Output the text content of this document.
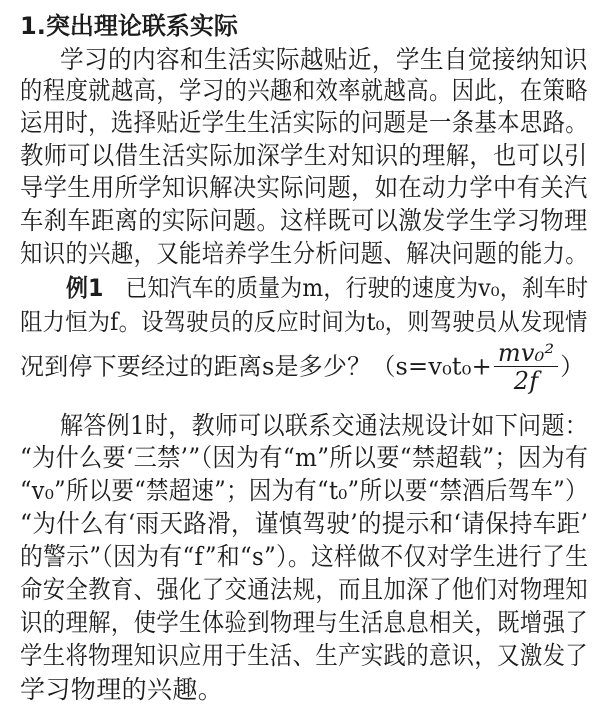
1.突出理论联系实际
学习的内容和生活实际越贴近，学生自觉接纳知识
的程度就越高，学习的兴趣和效率就越高。因此，在策略
运用时，选择贴近学生生活实际的问题是一条基本思路。
教师可以借生活实际加深学生对知识的理解，也可以引
导学生用所学知识解决实际问题，如在动力学中有关汽
车刹车距离的实际问题。这样既可以激发学生学习物理
知识的兴趣，又能培养学生分析问题、解决问题的能力。
例1 已知汽车的质量为m，行驶的速度为v₀，刹车时
阻力恒为f。设驾驶员的反应时间为t₀，则驾驶员从发现情
况到停下要经过的距离s是多少？（$s=v_0t_0+ \frac{\text{mv₀²}}{2f}$ ）
解答例1时，教师可以联系交通法规设计如下问题：
“为什么要‘三禁’”（因为有“m”所以要“禁超载”；因为有
“v₀”所以要“禁超速”；因为有“t₀”所以要“禁酒后驾车”）
“为什么有‘雨天路滑，谨慎驾驶’的提示和‘请保持车距’
的警示”（因为有“f”和“s”）。这样做不仅对学生进行了生
命安全教育、强化了交通法规，而且加深了他们对物理知
识的理解，使学生体验到物理与生活息息相关，既增强了
学生将物理知识应用于生活、生产实践的意识，又激发了
学习物理的兴趣。
